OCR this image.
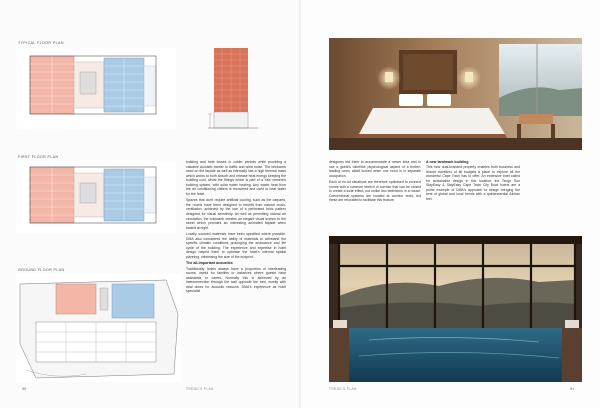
TYPICAL FLOOR PLAN
FIRST FLOOR PLAN
GROUND FLOOR PLAN

building and heat losses in colder periods while providing a valuable acoustic barrier to traffic and wind noise. The brickwork used on the façade as well as internally has a high thermal mass which works to both absorb and release heat energy keeping the building cool, whilst the fittings which is part of a Yale cement's building system, with solar water heating. Any waste heat from the air conditioning chillers is recovered and used to heat water for the hotel.

Spaces that don't require artificial cooling, such as the carparts, the rooms have been designed to benefit from natural cross-ventilation, achieved by the use of a perforated brick pattern designed for visual sensitivity. As well as permitting natural air circulation, the brickwork creates an elegant visual screen to the street which provides an interesting animated façade when backlit at night.

Locally sourced materials have been specified where possible. DMA also considered the ability of materials to withstand the specific climatic conditions prolonging the endurance and life cycle of the building. The experience and expertise in hotel design helped them to optimise the hotel's internal spatial planning, minimising the size of the footprint.

The all-important acoustics

Traditionally hotels always have a proportion of interleading rooms, useful for families or instances where guests have assistants or carers. Normally this is achieved by an interconnection through the wall opposite the bed, mostly with dual doors for acoustic reasons. DMA's experience as hotel specialist

designers led them to accommodate a newer idea and to use a guest's toilet/the psychological aspect of a timber-leading room, albeit locked when one room is in separate occupation.

Each of en-lot situations are therefore optimised to connect rooms with a common stretch of corridor that can be closed to create a suite effect, not unlike two bedrooms in a house. Conventional systems are located at corridor ends, but these are relocated to facilitate this feature.

A new landmark building

This new dual-branded property enables both business and leisure travellers of all budgets a place to explore all the wonderful Cape Town has to offer. An extensive brief called for sustainable design in this location; the Tsogo Sun StayEasy & StayEasy Cape Town City Bowl hotels are a prime example of DMA's approach to design merging the best of global and local trends with a quintessential African feel.

90	TREND'S PLAN	TREND'S PLAN	91
